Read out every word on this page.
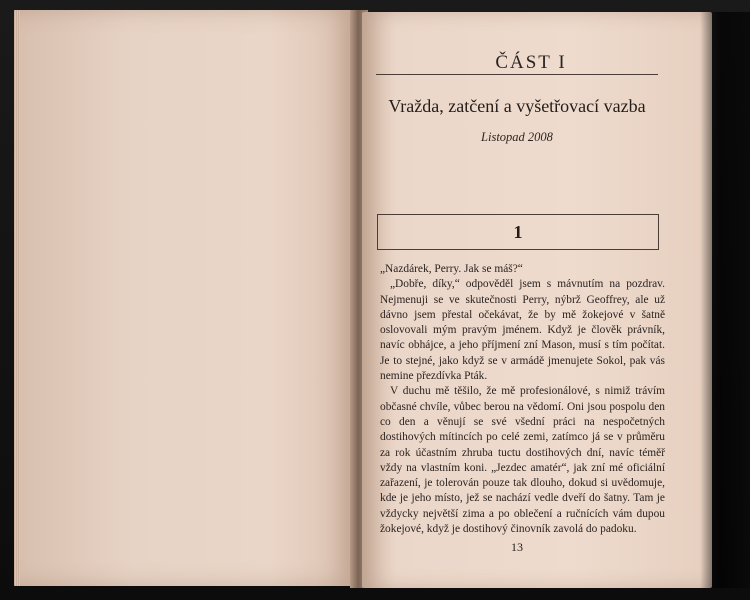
ČÁST I
Vražda, zatčení a vyšetřovací vazba
Listopad 2008
1

„Nazdárek, Perry. Jak se máš?“

„Dobře, díky,“ odpověděl jsem s mávnutím na pozdrav. Nejmenuji se ve skutečnosti Perry, nýbrž Geoffrey, ale už dávno jsem přestal očekávat, že by mě žokejové v šatně oslovovali mým pravým jménem. Když je člověk právník, navíc obhájce, a jeho příjmení zní Mason, musí s tím počítat. Je to stejné, jako když se v armádě jmenujete Sokol, pak vás nemine přezdívka Pták.

V duchu mě těšilo, že mě profesionálové, s nimiž trávím občasné chvíle, vůbec berou na vědomí. Oni jsou pospolu den co den a věnují se své všední práci na nespočetných dostihových mítincích po celé zemi, zatímco já se v průměru za rok účastním zhruba tuctu dostihových dní, navíc téměř vždy na vlastním koni. „Jezdec amatér“, jak zní mé oficiální zařazení, je tolerován pouze tak dlouho, dokud si uvědomuje, kde je jeho místo, jež se nachází vedle dveří do šatny. Tam je vždycky největší zima a po oblečení a ručnících vám dupou žokejové, když je dostihový činovník zavolá do padoku.

13
